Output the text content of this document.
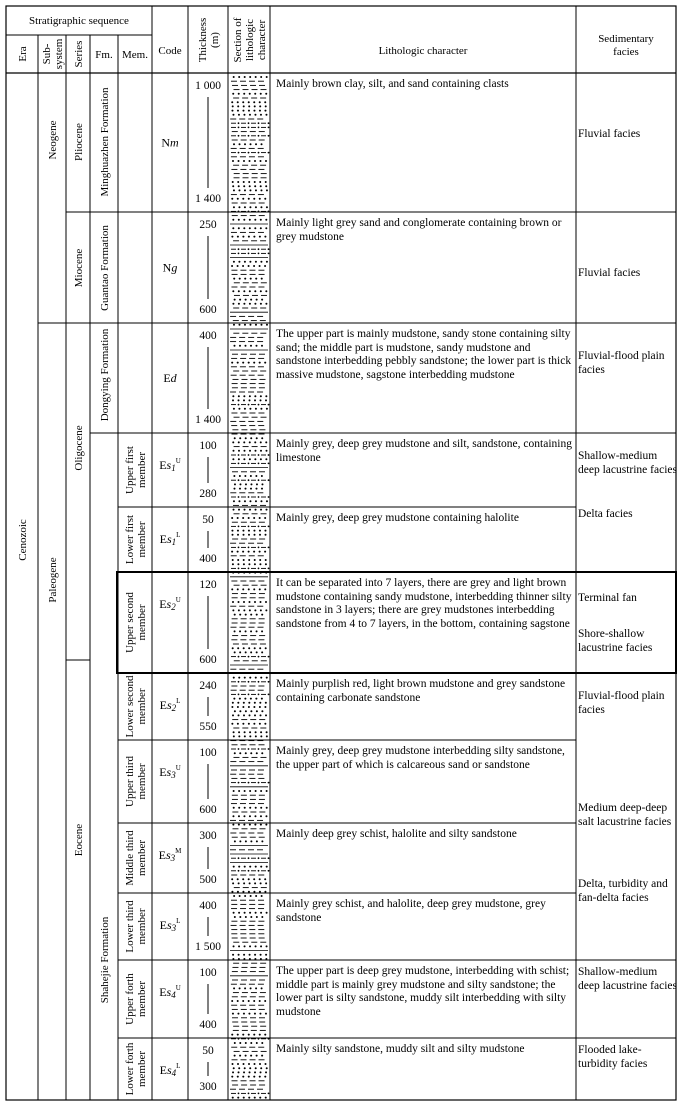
Stratigraphic sequence
Era Sub- system Series Fm. Mem. Code Thickness (m) Section of lithologic character	Lithologic character
Sedimentary
facies
Neogene
Paleogene
Cenozoic
Pliocene
Miocene
Oligocene
Eocene
Minghuazhen Formation
Guantao Formation
Dongying Formation
Shahejie Formation
Nm
1 000
1 400
Ng
250
600
Ed
400
1 400
Upper first member $Es1^U$
100
280
Lower first member $Es1^L$
50
400
Upper second member
$Es2^U$
120
600
Lower second member $Es2^L$
240
550
Upper third member $Es3^U$
100
600
Middle third member $Es3^M$
300
500
Lower third member $Es3^L$
400
1 500
Upper forth member $Es4^U$
100
400
Lower forth member $Es4^L$
50
300
Mainly brown clay, silt, and sand containing clasts
Mainly light grey sand and conglomerate containing brown or grey mudstone
The upper part is mainly mudstone, sandy stone containing silty sand; the middle part is mudstone, sandy mudstone and sandstone interbedding pebbly sandstone; the lower part is thick massive mudstone, sagstone interbedding mudstone
Mainly grey, deep grey mudstone and silt, sandstone, containing limestone
Mainly grey, deep grey mudstone containing halolite
It can be separated into 7 layers, there are grey and light brown mudstone containing sandy mudstone, interbedding thinner silty sandstone in 3 layers; there are grey mudstones interbedding sandstone from 4 to 7 layers, in the bottom, containing sagstone
Mainly purplish red, light brown mudstone and grey sandstone containing carbonate sandstone
Mainly grey, deep grey mudstone interbedding silty sandstone, the upper part of which is calcareous sand or sandstone
Mainly deep grey schist, halolite and silty sandstone
Mainly grey schist, and halolite, deep grey mudstone, grey sandstone
The upper part is deep grey mudstone, interbedding with schist; middle part is mainly grey mudstone and silty sandstone; the lower part is silty sandstone, muddy silt interbedding with silty mudstone
Mainly silty sandstone, muddy silt and silty mudstone
Fluvial facies
Fluvial facies
Fluvial-flood plain facies
Shallow-medium deep lacustrine facies
Delta facies
Terminal fan
Shore-shallow lacustrine facies
Fluvial-flood plain facies
Medium deep-deep salt lacustrine facies
Delta, turbidity and fan-delta facies
Shallow-medium deep lacustrine facies
Flooded lake-turbidity facies
